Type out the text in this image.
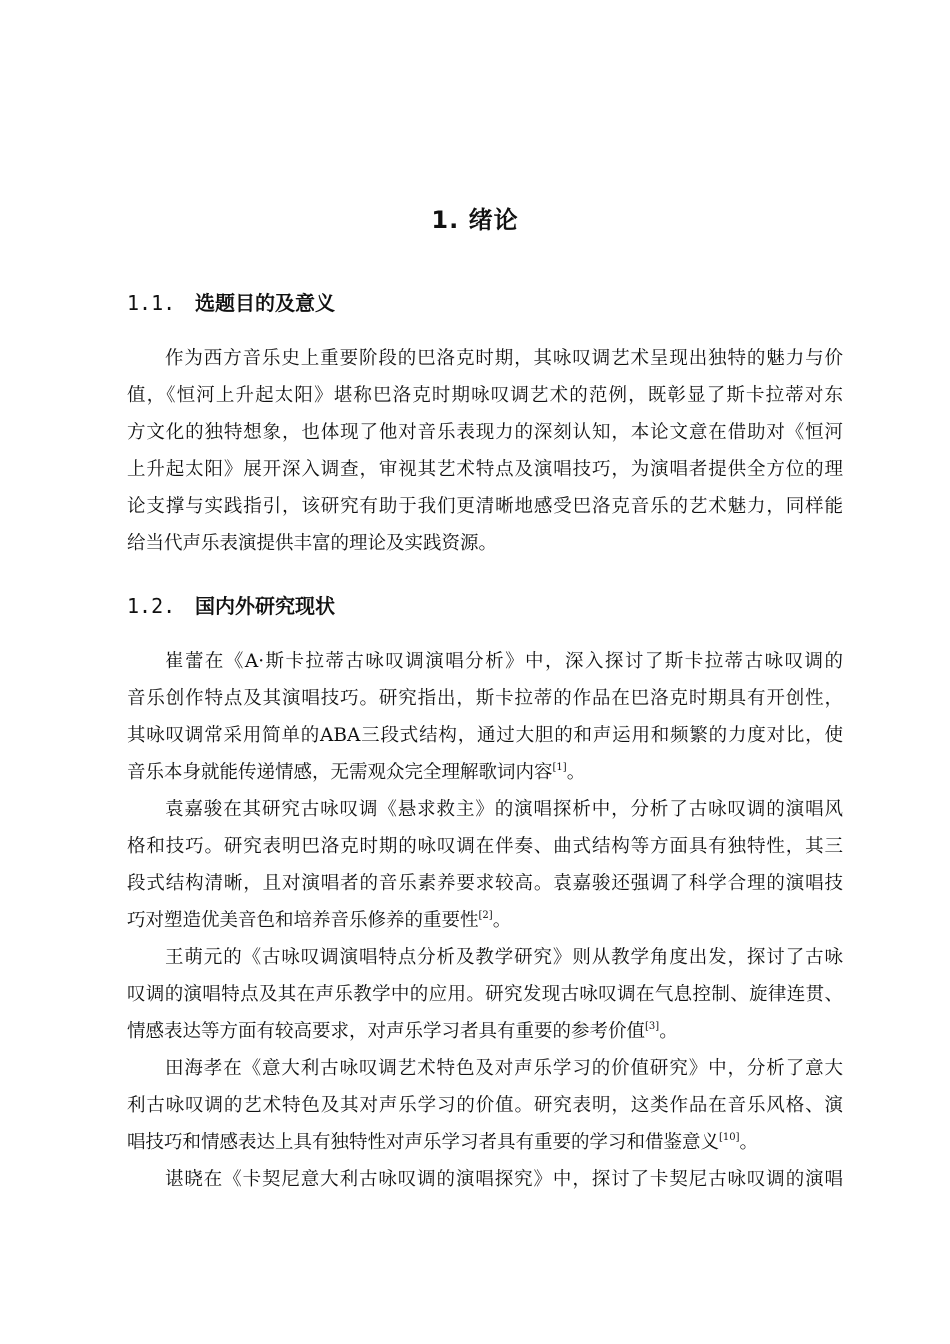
1. 绪论
1.1. 选题目的及意义
作为西方音乐史上重要阶段的巴洛克时期，其咏叹调艺术呈现出独特的魅力与价
值，《恒河上升起太阳》堪称巴洛克时期咏叹调艺术的范例，既彰显了斯卡拉蒂对东
方文化的独特想象，也体现了他对音乐表现力的深刻认知，本论文意在借助对《恒河
上升起太阳》展开深入调查，审视其艺术特点及演唱技巧，为演唱者提供全方位的理
论支撑与实践指引，该研究有助于我们更清晰地感受巴洛克音乐的艺术魅力，同样能
给当代声乐表演提供丰富的理论及实践资源。
1.2. 国内外研究现状
崔蕾在《A·斯卡拉蒂古咏叹调演唱分析》中，深入探讨了斯卡拉蒂古咏叹调的
音乐创作特点及其演唱技巧。研究指出，斯卡拉蒂的作品在巴洛克时期具有开创性，
其咏叹调常采用简单的ABA三段式结构，通过大胆的和声运用和频繁的力度对比，使
音乐本身就能传递情感，无需观众完全理解歌词内容[1]。
袁嘉骏在其研究古咏叹调《悬求救主》的演唱探析中，分析了古咏叹调的演唱风
格和技巧。研究表明巴洛克时期的咏叹调在伴奏、曲式结构等方面具有独特性，其三
段式结构清晰，且对演唱者的音乐素养要求较高。袁嘉骏还强调了科学合理的演唱技
巧对塑造优美音色和培养音乐修养的重要性[2]。
王萌元的《古咏叹调演唱特点分析及教学研究》则从教学角度出发，探讨了古咏
叹调的演唱特点及其在声乐教学中的应用。研究发现古咏叹调在气息控制、旋律连贯、
情感表达等方面有较高要求，对声乐学习者具有重要的参考价值[3]。
田海孝在《意大利古咏叹调艺术特色及对声乐学习的价值研究》中，分析了意大
利古咏叹调的艺术特色及其对声乐学习的价值。研究表明，这类作品在音乐风格、演
唱技巧和情感表达上具有独特性对声乐学习者具有重要的学习和借鉴意义[10]。
谌晓在《卡契尼意大利古咏叹调的演唱探究》中，探讨了卡契尼古咏叹调的演唱
